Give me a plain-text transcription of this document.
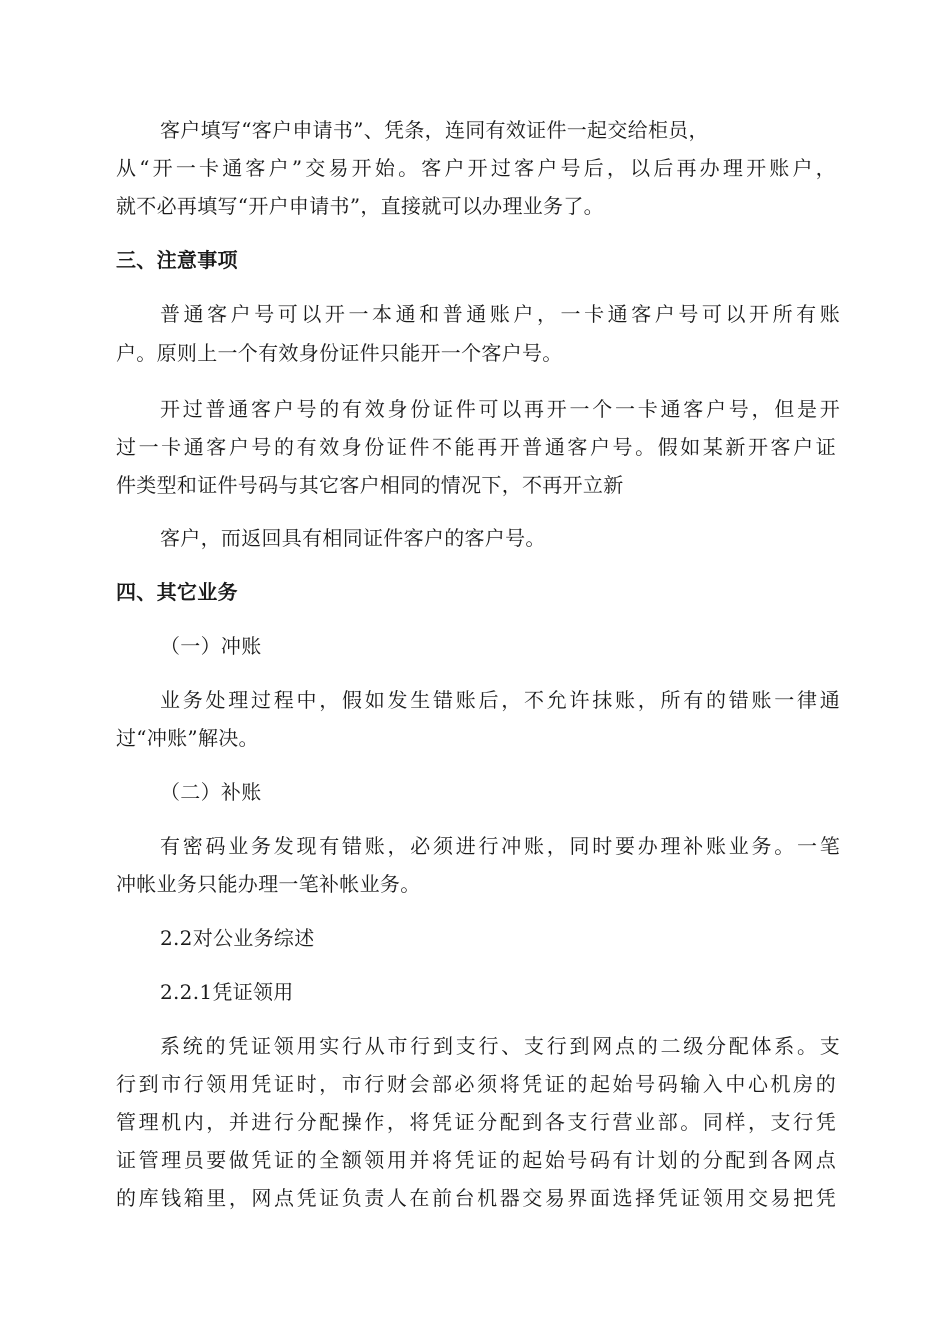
客户填写“客户申请书”、凭条，连同有效证件一起交给柜员，
从“开一卡通客户”交易开始。客户开过客户号后，以后再办理开账户，
就不必再填写“开户申请书”，直接就可以办理业务了。
三、注意事项
普通客户号可以开一本通和普通账户，一卡通客户号可以开所有账
户。原则上一个有效身份证件只能开一个客户号。
开过普通客户号的有效身份证件可以再开一个一卡通客户号，但是开
过一卡通客户号的有效身份证件不能再开普通客户号。假如某新开客户证
件类型和证件号码与其它客户相同的情况下，不再开立新
客户，而返回具有相同证件客户的客户号。
四、其它业务
（一）冲账
业务处理过程中，假如发生错账后，不允许抹账，所有的错账一律通
过“冲账”解决。
（二）补账
有密码业务发现有错账，必须进行冲账，同时要办理补账业务。一笔
冲帐业务只能办理一笔补帐业务。
2.2对公业务综述
2.2.1凭证领用
系统的凭证领用实行从市行到支行、支行到网点的二级分配体系。支
行到市行领用凭证时，市行财会部必须将凭证的起始号码输入中心机房的
管理机内，并进行分配操作，将凭证分配到各支行营业部。同样，支行凭
证管理员要做凭证的全额领用并将凭证的起始号码有计划的分配到各网点
的库钱箱里，网点凭证负责人在前台机器交易界面选择凭证领用交易把凭
